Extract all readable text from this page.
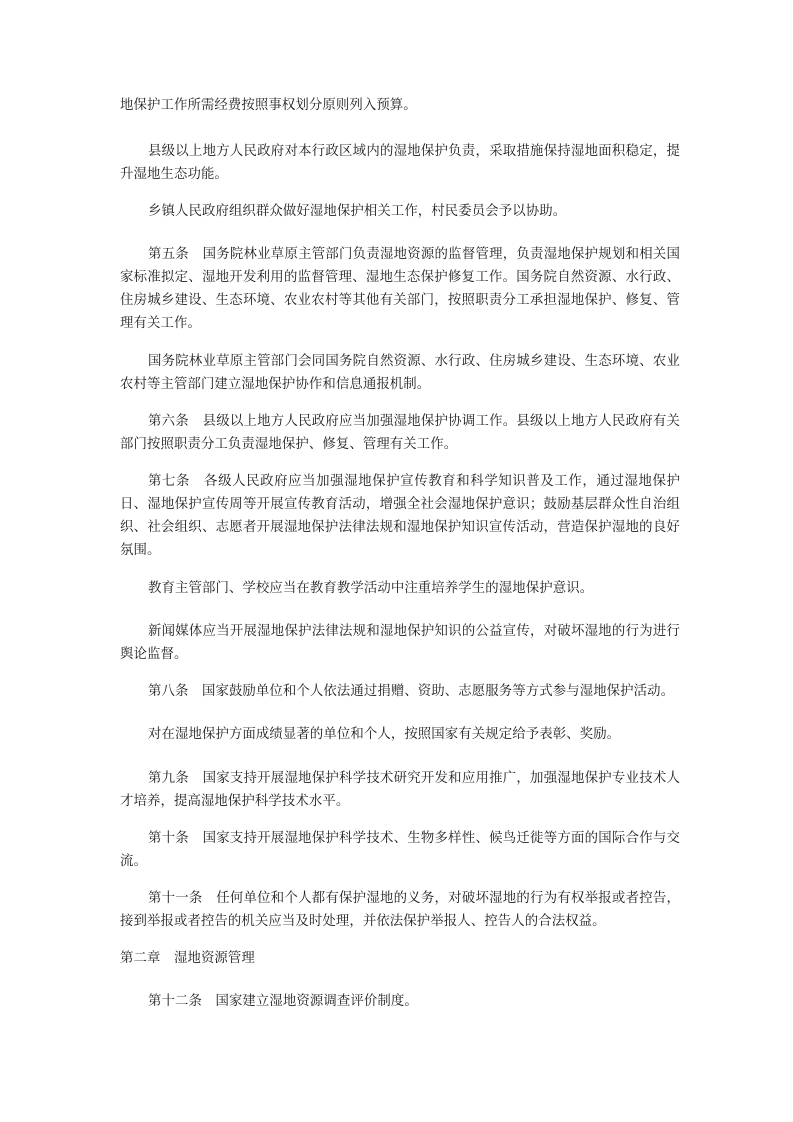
地保护工作所需经费按照事权划分原则列入预算。

县级以上地方人民政府对本行政区域内的湿地保护负责，采取措施保持湿地面积稳定，提升湿地生态功能。

乡镇人民政府组织群众做好湿地保护相关工作，村民委员会予以协助。

第五条　国务院林业草原主管部门负责湿地资源的监督管理，负责湿地保护规划和相关国家标准拟定、湿地开发利用的监督管理、湿地生态保护修复工作。国务院自然资源、水行政、住房城乡建设、生态环境、农业农村等其他有关部门，按照职责分工承担湿地保护、修复、管理有关工作。

国务院林业草原主管部门会同国务院自然资源、水行政、住房城乡建设、生态环境、农业农村等主管部门建立湿地保护协作和信息通报机制。

第六条　县级以上地方人民政府应当加强湿地保护协调工作。县级以上地方人民政府有关部门按照职责分工负责湿地保护、修复、管理有关工作。

第七条　各级人民政府应当加强湿地保护宣传教育和科学知识普及工作，通过湿地保护日、湿地保护宣传周等开展宣传教育活动，增强全社会湿地保护意识；鼓励基层群众性自治组织、社会组织、志愿者开展湿地保护法律法规和湿地保护知识宣传活动，营造保护湿地的良好氛围。

教育主管部门、学校应当在教育教学活动中注重培养学生的湿地保护意识。

新闻媒体应当开展湿地保护法律法规和湿地保护知识的公益宣传，对破坏湿地的行为进行舆论监督。

第八条　国家鼓励单位和个人依法通过捐赠、资助、志愿服务等方式参与湿地保护活动。

对在湿地保护方面成绩显著的单位和个人，按照国家有关规定给予表彰、奖励。

第九条　国家支持开展湿地保护科学技术研究开发和应用推广，加强湿地保护专业技术人才培养，提高湿地保护科学技术水平。

第十条　国家支持开展湿地保护科学技术、生物多样性、候鸟迁徙等方面的国际合作与交流。

第十一条　任何单位和个人都有保护湿地的义务，对破坏湿地的行为有权举报或者控告，接到举报或者控告的机关应当及时处理，并依法保护举报人、控告人的合法权益。

第二章　湿地资源管理

第十二条　国家建立湿地资源调查评价制度。
